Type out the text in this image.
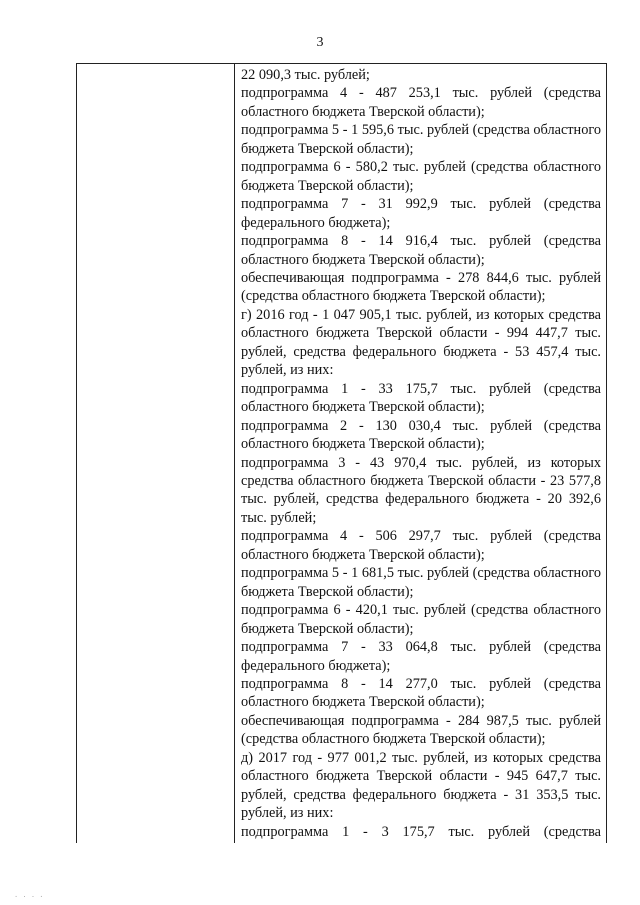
3
22 090,3 тыс. рублей;
подпрограмма 4 - 487 253,1 тыс. рублей (средства областного бюджета Тверской области);
подпрограмма 5 - 1 595,6 тыс. рублей (средства областного бюджета Тверской области);
подпрограмма 6 - 580,2 тыс. рублей (средства областного бюджета Тверской области);
подпрограмма 7 - 31 992,9 тыс. рублей (средства федерального бюджета);
подпрограмма 8 - 14 916,4 тыс. рублей (средства областного бюджета Тверской области);
обеспечивающая подпрограмма - 278 844,6 тыс. рублей (средства областного бюджета Тверской области);
г) 2016 год - 1 047 905,1 тыс. рублей, из которых средства областного бюджета Тверской области - 994 447,7 тыс. рублей, средства федерального бюджета - 53 457,4 тыс. рублей, из них:
подпрограмма 1 - 33 175,7 тыс. рублей (средства областного бюджета Тверской области);
подпрограмма 2 - 130 030,4 тыс. рублей (средства областного бюджета Тверской области);
подпрограмма 3 - 43 970,4 тыс. рублей, из которых средства областного бюджета Тверской области - 23 577,8 тыс. рублей, средства федерального бюджета - 20 392,6 тыс. рублей;
подпрограмма 4 - 506 297,7 тыс. рублей (средства областного бюджета Тверской области);
подпрограмма 5 - 1 681,5 тыс. рублей (средства областного бюджета Тверской области);
подпрограмма 6 - 420,1 тыс. рублей (средства областного бюджета Тверской области);
подпрограмма 7 - 33 064,8 тыс. рублей (средства федерального бюджета);
подпрограмма 8 - 14 277,0 тыс. рублей (средства областного бюджета Тверской области);
обеспечивающая подпрограмма - 284 987,5 тыс. рублей (средства областного бюджета Тверской области);
д) 2017 год - 977 001,2 тыс. рублей, из которых средства областного бюджета Тверской области - 945 647,7 тыс. рублей, средства федерального бюджета - 31 353,5 тыс. рублей, из них:
подпрограмма 1 - 3 175,7 тыс. рублей (средства
. . . .
